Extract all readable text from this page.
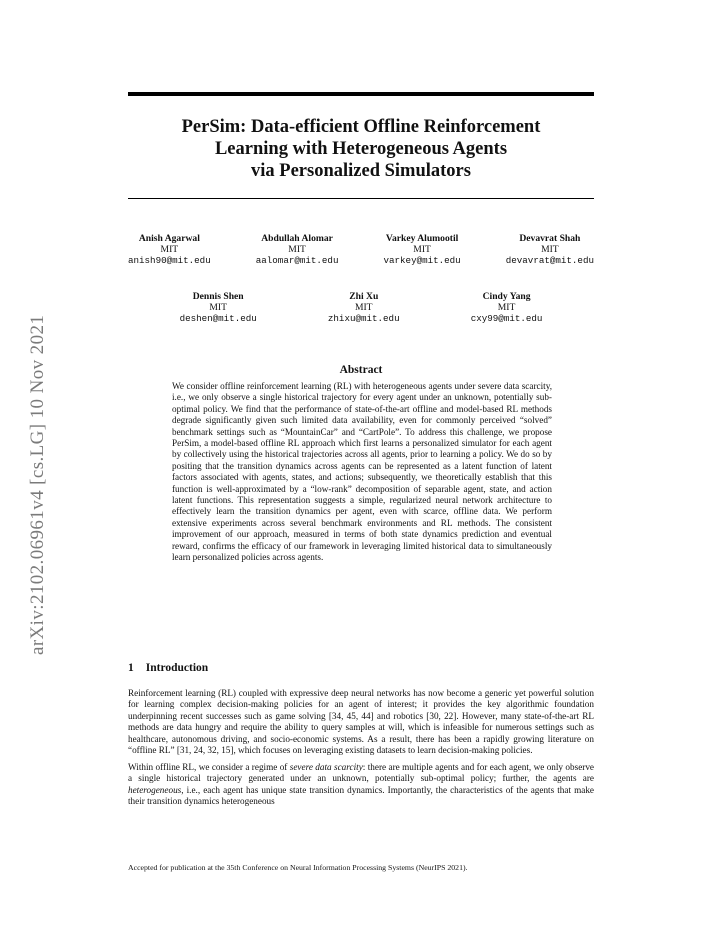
arXiv:2102.06961v4 [cs.LG] 10 Nov 2021
PerSim: Data-efficient Offline Reinforcement
Learning with Heterogeneous Agents
via Personalized Simulators
Anish Agarwal
MIT
anish90@mit.edu
Abdullah Alomar
MIT
aalomar@mit.edu
Varkey Alumootil
MIT
varkey@mit.edu
Devavrat Shah
MIT
devavrat@mit.edu
Dennis Shen
MIT
deshen@mit.edu
Zhi Xu
MIT
zhixu@mit.edu
Cindy Yang
MIT
cxy99@mit.edu
Abstract
We consider offline reinforcement learning (RL) with heterogeneous agents under severe data scarcity, i.e., we only observe a single historical trajectory for every agent under an unknown, potentially sub-optimal policy. We find that the performance of state-of-the-art offline and model-based RL methods degrade significantly given such limited data availability, even for commonly perceived “solved” benchmark settings such as “MountainCar” and “CartPole”. To address this challenge, we propose PerSim, a model-based offline RL approach which first learns a personalized simulator for each agent by collectively using the historical trajectories across all agents, prior to learning a policy. We do so by positing that the transition dynamics across agents can be represented as a latent function of latent factors associated with agents, states, and actions; subsequently, we theoretically establish that this function is well-approximated by a “low-rank” decomposition of separable agent, state, and action latent functions. This representation suggests a simple, regularized neural network architecture to effectively learn the transition dynamics per agent, even with scarce, offline data. We perform extensive experiments across several benchmark environments and RL methods. The consistent improvement of our approach, measured in terms of both state dynamics prediction and eventual reward, confirms the efficacy of our framework in leveraging limited historical data to simultaneously learn personalized policies across agents.
1 Introduction
Reinforcement learning (RL) coupled with expressive deep neural networks has now become a generic yet powerful solution for learning complex decision-making policies for an agent of interest; it provides the key algorithmic foundation underpinning recent successes such as game solving [34, 45, 44] and robotics [30, 22]. However, many state-of-the-art RL methods are data hungry and require the ability to query samples at will, which is infeasible for numerous settings such as healthcare, autonomous driving, and socio-economic systems. As a result, there has been a rapidly growing literature on “offline RL” [31, 24, 32, 15], which focuses on leveraging existing datasets to learn decision-making policies.
Within offline RL, we consider a regime of severe data scarcity: there are multiple agents and for each agent, we only observe a single historical trajectory generated under an unknown, potentially sub-optimal policy; further, the agents are heterogeneous, i.e., each agent has unique state transition dynamics. Importantly, the characteristics of the agents that make their transition dynamics heterogeneous
Accepted for publication at the 35th Conference on Neural Information Processing Systems (NeurIPS 2021).
